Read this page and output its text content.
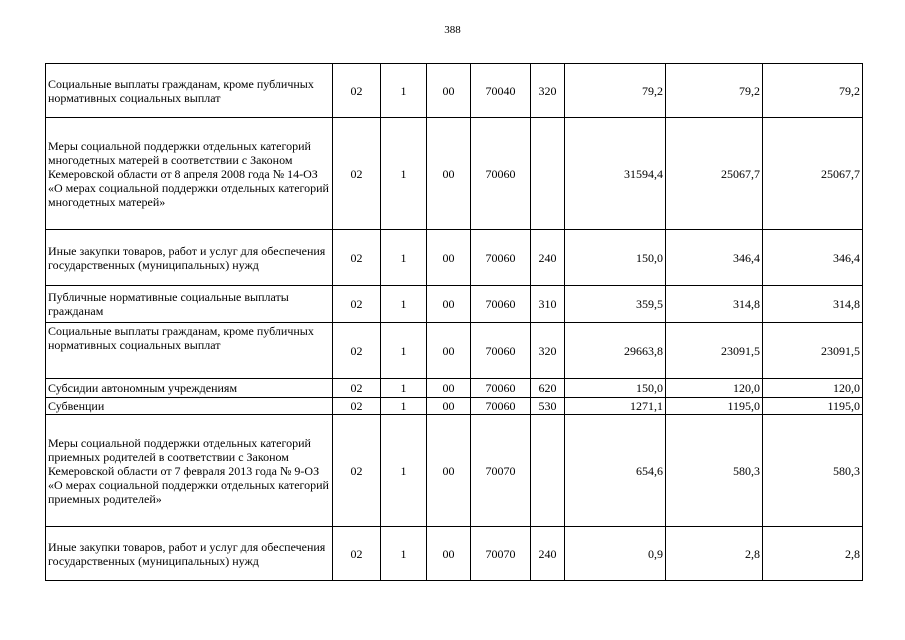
388
Социальные выплаты гражданам, кроме публичных нормативных социальных выплат	02	1	00	70040	320	79,2	79,2	79,2
Меры социальной поддержки отдельных категорий многодетных матерей в соответствии с Законом Кемеровской области от 8 апреля 2008 года № 14-ОЗ «О мерах социальной поддержки отдельных категорий многодетных матерей»	02	1	00	70060		31594,4	25067,7	25067,7
Иные закупки товаров, работ и услуг для обеспечения государственных (муниципальных) нужд	02	1	00	70060	240	150,0	346,4	346,4
Публичные нормативные социальные выплаты гражданам	02	1	00	70060	310	359,5	314,8	314,8
Социальные выплаты гражданам, кроме публичных нормативных социальных выплат	02	1	00	70060	320	29663,8	23091,5	23091,5
Субсидии автономным учреждениям	02	1	00	70060	620	150,0	120,0	120,0
Субвенции	02	1	00	70060	530	1271,1	1195,0	1195,0
Меры социальной поддержки отдельных категорий приемных родителей в соответствии с Законом Кемеровской области от 7 февраля 2013 года № 9-ОЗ «О мерах социальной поддержки отдельных категорий приемных родителей»	02	1	00	70070		654,6	580,3	580,3
Иные закупки товаров, работ и услуг для обеспечения государственных (муниципальных) нужд	02	1	00	70070	240	0,9	2,8	2,8
